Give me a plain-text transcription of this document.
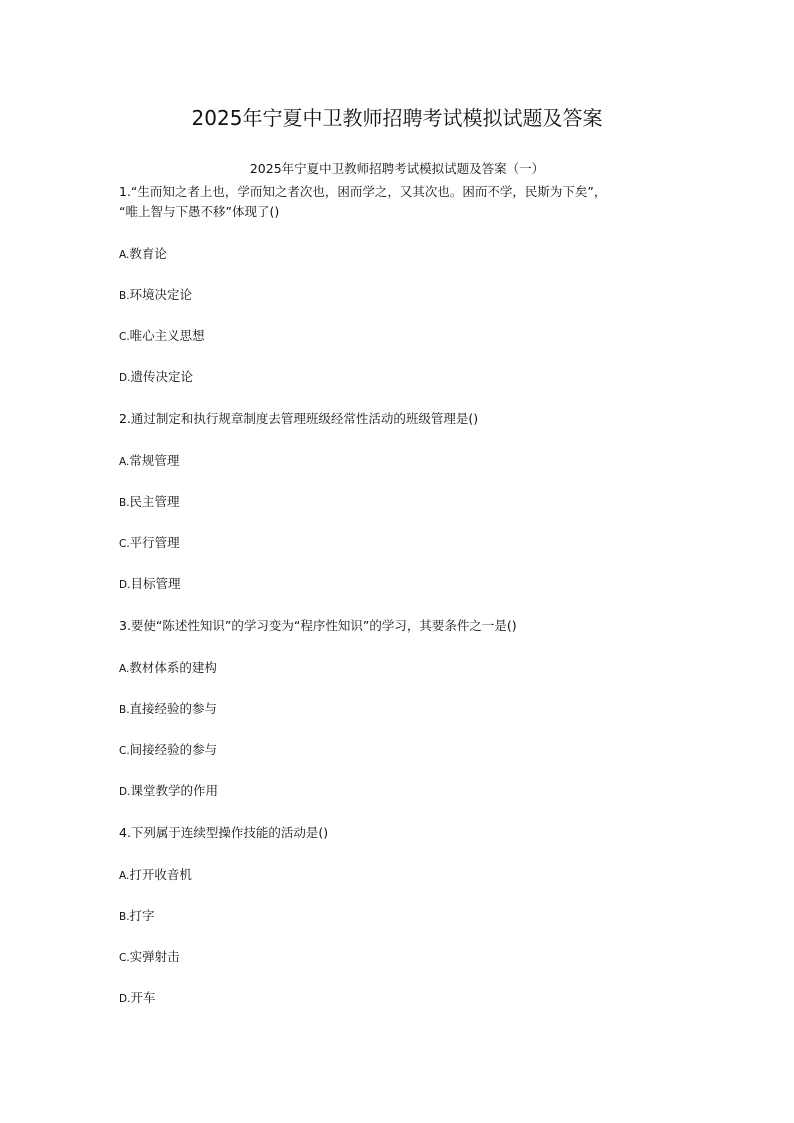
2025年宁夏中卫教师招聘考试模拟试题及答案
2025年宁夏中卫教师招聘考试模拟试题及答案（一）

1.“生而知之者上也，学而知之者次也，困而学之，又其次也。困而不学，民斯为下矣”，

“唯上智与下愚不移”体现了()

A.教育论
B.环境决定论
C.唯心主义思想
D.遗传决定论

2.通过制定和执行规章制度去管理班级经常性活动的班级管理是()

A.常规管理
B.民主管理
C.平行管理
D.目标管理

3.要使“陈述性知识”的学习变为“程序性知识”的学习，其要条件之一是()

A.教材体系的建构
B.直接经验的参与
C.间接经验的参与
D.课堂教学的作用

4.下列属于连续型操作技能的活动是()

A.打开收音机
B.打字
C.实弹射击
D.开车
